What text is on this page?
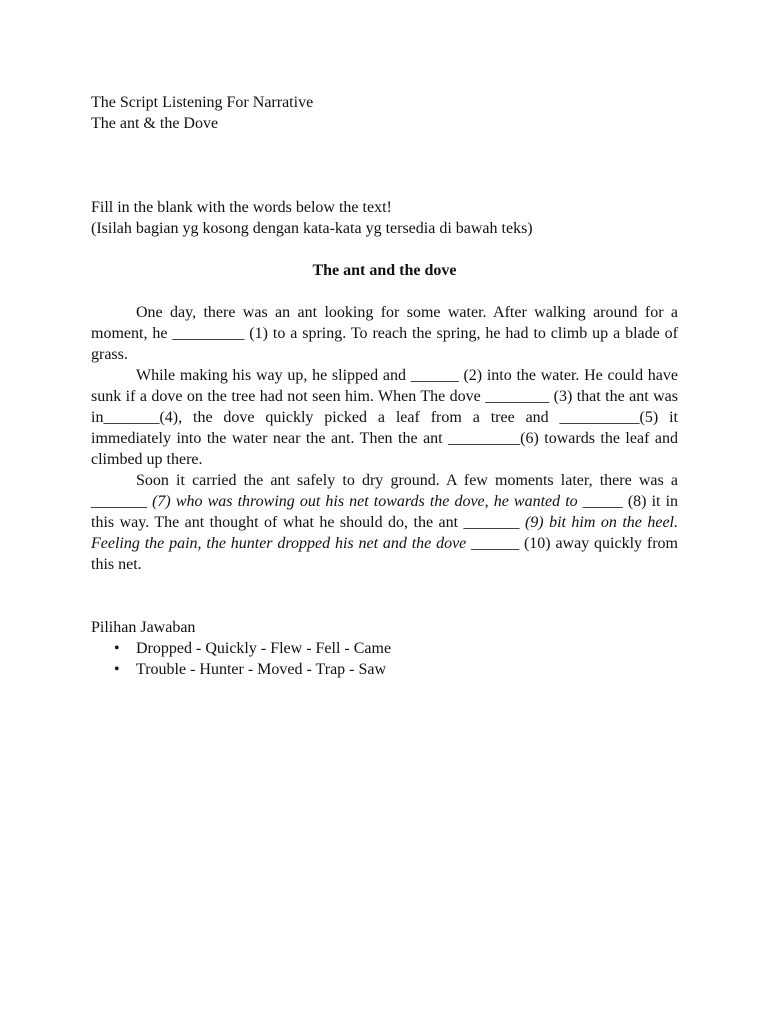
The Script Listening For Narrative

The ant & the Dove

Fill in the blank with the words below the text!

(Isilah bagian yg kosong dengan kata-kata yg tersedia di bawah teks)

The ant and the dove

One day, there was an ant looking for some water. After walking around for a moment, he _________ (1) to a spring. To reach the spring, he had to climb up a blade of grass.

While making his way up, he slipped and ______ (2) into the water. He could have sunk if a dove on the tree had not seen him. When The dove ________ (3) that the ant was in_______(4), the dove quickly picked a leaf from a tree and __________(5) it immediately into the water near the ant. Then the ant _________(6) towards the leaf and climbed up there.

Soon it carried the ant safely to dry ground. A few moments later, there was a _______ (7) who was throwing out his net towards the dove, he wanted to _____ (8) it in this way. The ant thought of what he should do, the ant _______ (9) bit him on the heel. Feeling the pain, the hunter dropped his net and the dove ______ (10) away quickly from this net.

Pilihan Jawaban

• Dropped - Quickly - Flew - Fell - Came
• Trouble - Hunter - Moved - Trap - Saw
